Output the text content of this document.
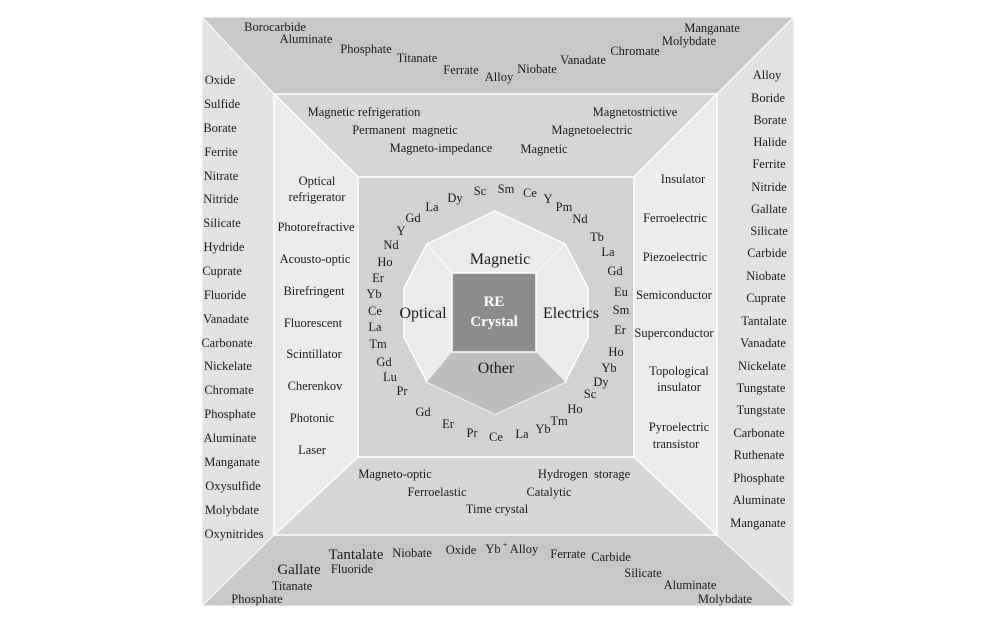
RE
Crystal
Magnetic
Optical	Electrics
Other
Gd
La
Dy Sc Sm Ce Y
Pm
Nd
Y
Nd
Ho
Er
Yb
Ce
La
Tm
Gd
Lu
Pr
Tb
La
Gd
Eu
Sm
Er
Ho
Yb
Dy
Sc
Gd
Er
Pr Ce La Yb
Tm
Ho
Magnetic refrigeration
Permanent  magnetic
Magneto-impedance
Magnetostrictive
Magnetoelectric
Magnetic
Optical
refrigerator
Photorefractive
Acousto-optic
Birefringent
Fluorescent
Scintillator
Cherenkov
Photonic
Laser
Insulator
Ferroelectric
Piezoelectric
Semiconductor
Superconductor
Topological
insulator
Pyroelectric
transistor
Magneto-optic	Hydrogen  storage
Ferroelastic	Catalytic
Time crystal
Borocarbide
Aluminate
Phosphate
Titanate
Ferrate Alloy
Niobate
Vanadate
Chromate
Molybdate
Manganate
Oxide
Sulfide
Borate
Ferrite
Nitrate
Nitride
Silicate
Hydride
Cuprate
Fluoride
Vanadate
Carbonate
Nickelate
Chromate
Phosphate
Aluminate
Manganate
Oxysulfide
Molybdate
Oxynitrides
Alloy
Boride
Borate
Halide
Ferrite
Nitride
Gallate
Silicate
Carbide
Niobate
Cuprate
Tantalate
Vanadate
Nickelate
Tungstate
Tungstate
Carbonate
Ruthenate
Phosphate
Aluminate
Manganate
Gallate
Tantalate
Fluoride
Titanate
Phosphate
Niobate Oxide Yb + Alloy Ferrate Carbide
Silicate
Aluminate
Molybdate
